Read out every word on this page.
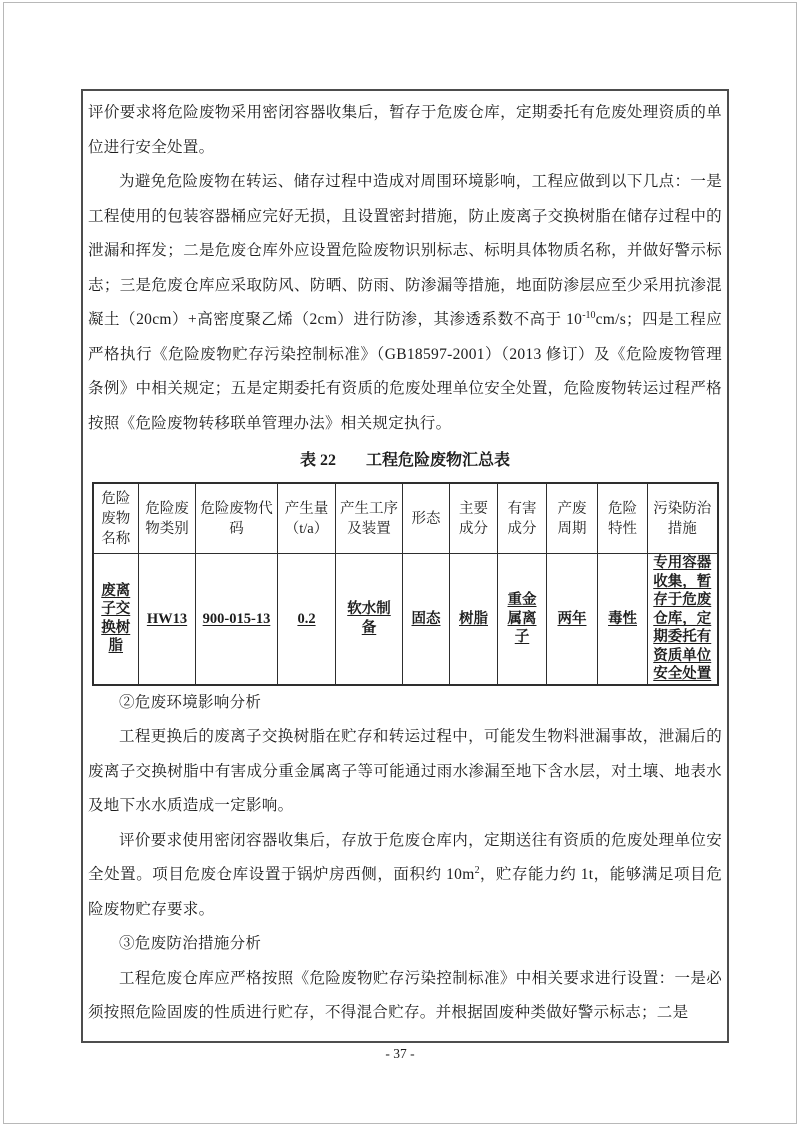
评价要求将危险废物采用密闭容器收集后，暂存于危废仓库，定期委托有危废处理资质的单位进行安全处置。

为避免危险废物在转运、储存过程中造成对周围环境影响，工程应做到以下几点：一是工程使用的包装容器桶应完好无损，且设置密封措施，防止废离子交换树脂在储存过程中的泄漏和挥发；二是危废仓库外应设置危险废物识别标志、标明具体物质名称，并做好警示标志；三是危废仓库应采取防风、防晒、防雨、防渗漏等措施，地面防渗层应至少采用抗渗混凝土（20cm）+高密度聚乙烯（2cm）进行防渗，其渗透系数不高于 $10^{-10}cm/s$；四是工程应严格执行《危险废物贮存污染控制标准》（GB18597-2001）（2013 修订）及《危险废物管理条例》中相关规定；五是定期委托有资质的危废处理单位安全处置，危险废物转运过程严格按照《危险废物转移联单管理办法》相关规定执行。

表 22 工程危险废物汇总表
危险废物名称	危险废物类别	危险废物代码	产生量（t/a）	产生工序及装置	形态	主要成分	有害成分	产废周期	危险特性	污染防治措施
废离子交换树脂	HW13	900-015-13	0.2	软水制备	固态	树脂	重金属离子	两年	毒性	专用容器收集，暂存于危废仓库，定期委托有资质单位安全处置

②危废环境影响分析

工程更换后的废离子交换树脂在贮存和转运过程中，可能发生物料泄漏事故，泄漏后的废离子交换树脂中有害成分重金属离子等可能通过雨水渗漏至地下含水层，对土壤、地表水及地下水水质造成一定影响。

评价要求使用密闭容器收集后，存放于危废仓库内，定期送往有资质的危废处理单位安全处置。项目危废仓库设置于锅炉房西侧，面积约 $10m^2$，贮存能力约 1t，能够满足项目危险废物贮存要求。

③危废防治措施分析

工程危废仓库应严格按照《危险废物贮存污染控制标准》中相关要求进行设置：一是必须按照危险固废的性质进行贮存，不得混合贮存。并根据固废种类做好警示标志；二是

- 37 -
